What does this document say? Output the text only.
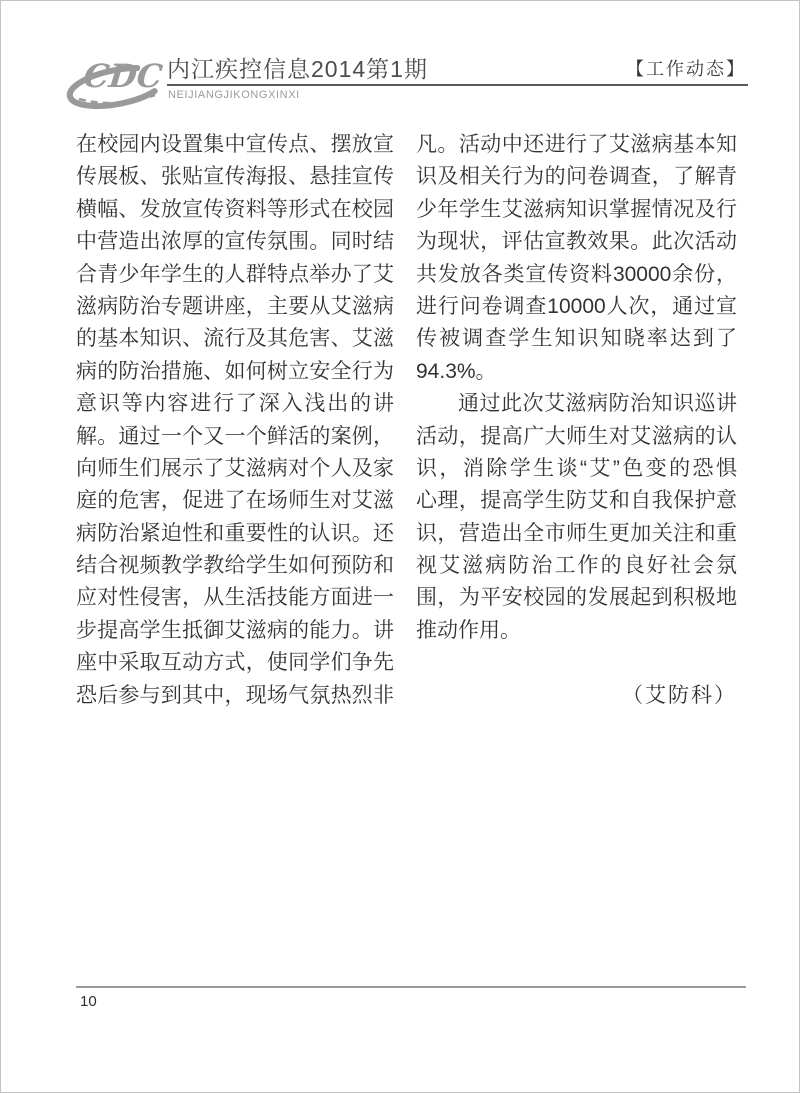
CDC 内江疾控信息2014第1期
NEIJIANGJIKONGXINXI
【工作动态】
在校园内设置集中宣传点、摆放宣
传展板、张贴宣传海报、悬挂宣传
横幅、发放宣传资料等形式在校园
中营造出浓厚的宣传氛围。同时结
合青少年学生的人群特点举办了艾
滋病防治专题讲座，主要从艾滋病
的基本知识、流行及其危害、艾滋
病的防治措施、如何树立安全行为
意识等内容进行了深入浅出的讲
解。通过一个又一个鲜活的案例，
向师生们展示了艾滋病对个人及家
庭的危害，促进了在场师生对艾滋
病防治紧迫性和重要性的认识。还
结合视频教学教给学生如何预防和
应对性侵害，从生活技能方面进一
步提高学生抵御艾滋病的能力。讲
座中采取互动方式，使同学们争先
恐后参与到其中，现场气氛热烈非
凡。活动中还进行了艾滋病基本知
识及相关行为的问卷调查，了解青
少年学生艾滋病知识掌握情况及行
为现状，评估宣教效果。此次活动
共发放各类宣传资料30000余份，
进行问卷调查10000人次，通过宣
传被调查学生知识知晓率达到了
94.3%。
通过此次艾滋病防治知识巡讲
活动，提高广大师生对艾滋病的认
识，消除学生谈“艾”色变的恐惧
心理，提高学生防艾和自我保护意
识，营造出全市师生更加关注和重
视艾滋病防治工作的良好社会氛
围，为平安校园的发展起到积极地
推动作用。

（艾防科）
10
